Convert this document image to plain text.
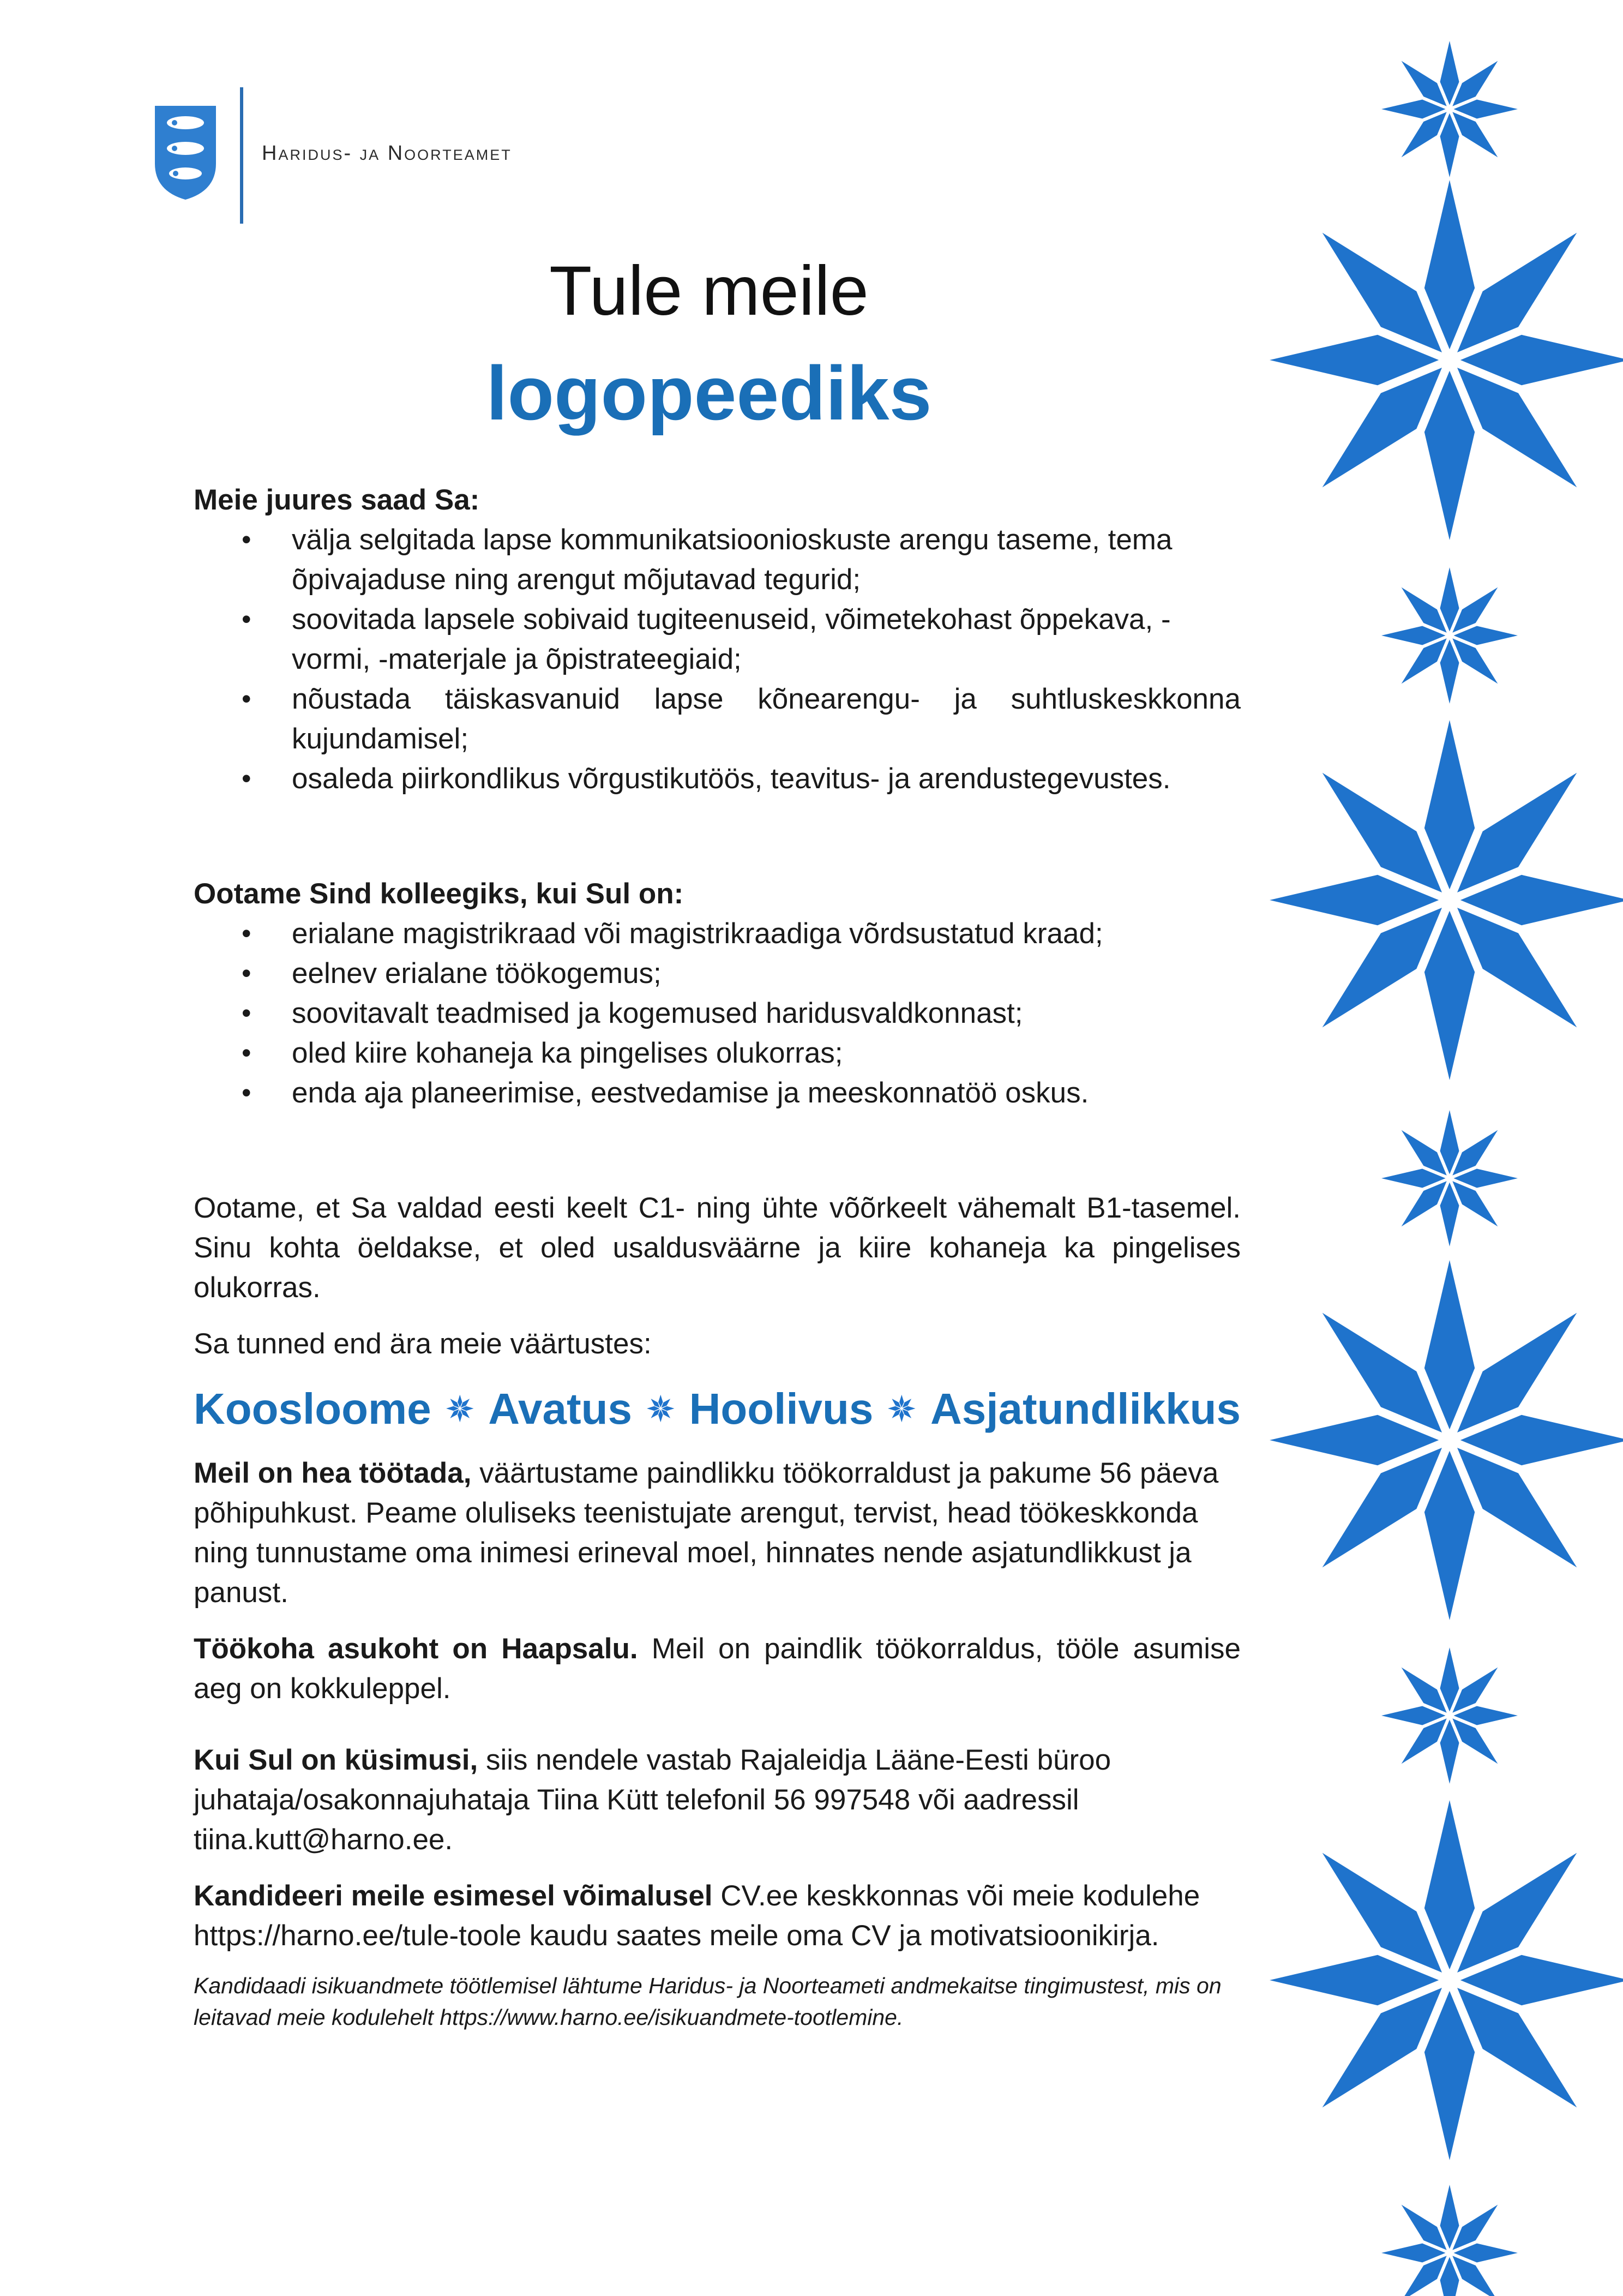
Haridus- ja Noorteamet
Tule meile
logopeediks

Meie juures saad Sa:

• välja selgitada lapse kommunikatsioonioskuste arengu taseme, tema õpivajaduse ning arengut mõjutavad tegurid;
• soovitada lapsele sobivaid tugiteenuseid, võimetekohast õppekava, -vormi, -materjale ja õpistrateegiaid;
• nõustada täiskasvanuid lapse kõnearengu- ja suhtluskeskkonna kujundamisel;
• osaleda piirkondlikus võrgustikutöös, teavitus- ja arendustegevustes.

Ootame Sind kolleegiks, kui Sul on:

• erialane magistrikraad või magistrikraadiga võrdsustatud kraad;
• eelnev erialane töökogemus;
• soovitavalt teadmised ja kogemused haridusvaldkonnast;
• oled kiire kohaneja ka pingelises olukorras;
• enda aja planeerimise, eestvedamise ja meeskonnatöö oskus.

Ootame, et Sa valdad eesti keelt C1- ning ühte võõrkeelt vähemalt B1-tasemel. Sinu kohta öeldakse, et oled usaldusväärne ja kiire kohaneja ka pingelises olukorras.

Sa tunned end ära meie väärtustes:

Koosloome Avatus Hoolivus Asjatundlikkus

Meil on hea töötada, väärtustame paindlikku töökorraldust ja pakume 56 päeva põhipuhkust. Peame oluliseks teenistujate arengut, tervist, head töökeskkonda ning tunnustame oma inimesi erineval moel, hinnates nende asjatundlikkust ja panust.

Töökoha asukoht on Haapsalu. Meil on paindlik töökorraldus, tööle asumise aeg on kokkuleppel.

Kui Sul on küsimusi, siis nendele vastab Rajaleidja Lääne-Eesti büroo juhataja/osakonnajuhataja Tiina Kütt telefonil 56 997548 või aadressil tiina.kutt@harno.ee.

Kandideeri meile esimesel võimalusel CV.ee keskkonnas või meie kodulehe https://harno.ee/tule-toole kaudu saates meile oma CV ja motivatsioonikirja.

Kandidaadi isikuandmete töötlemisel lähtume Haridus- ja Noorteameti andmekaitse tingimustest, mis on leitavad meie kodulehelt https://www.harno.ee/isikuandmete-tootlemine.
